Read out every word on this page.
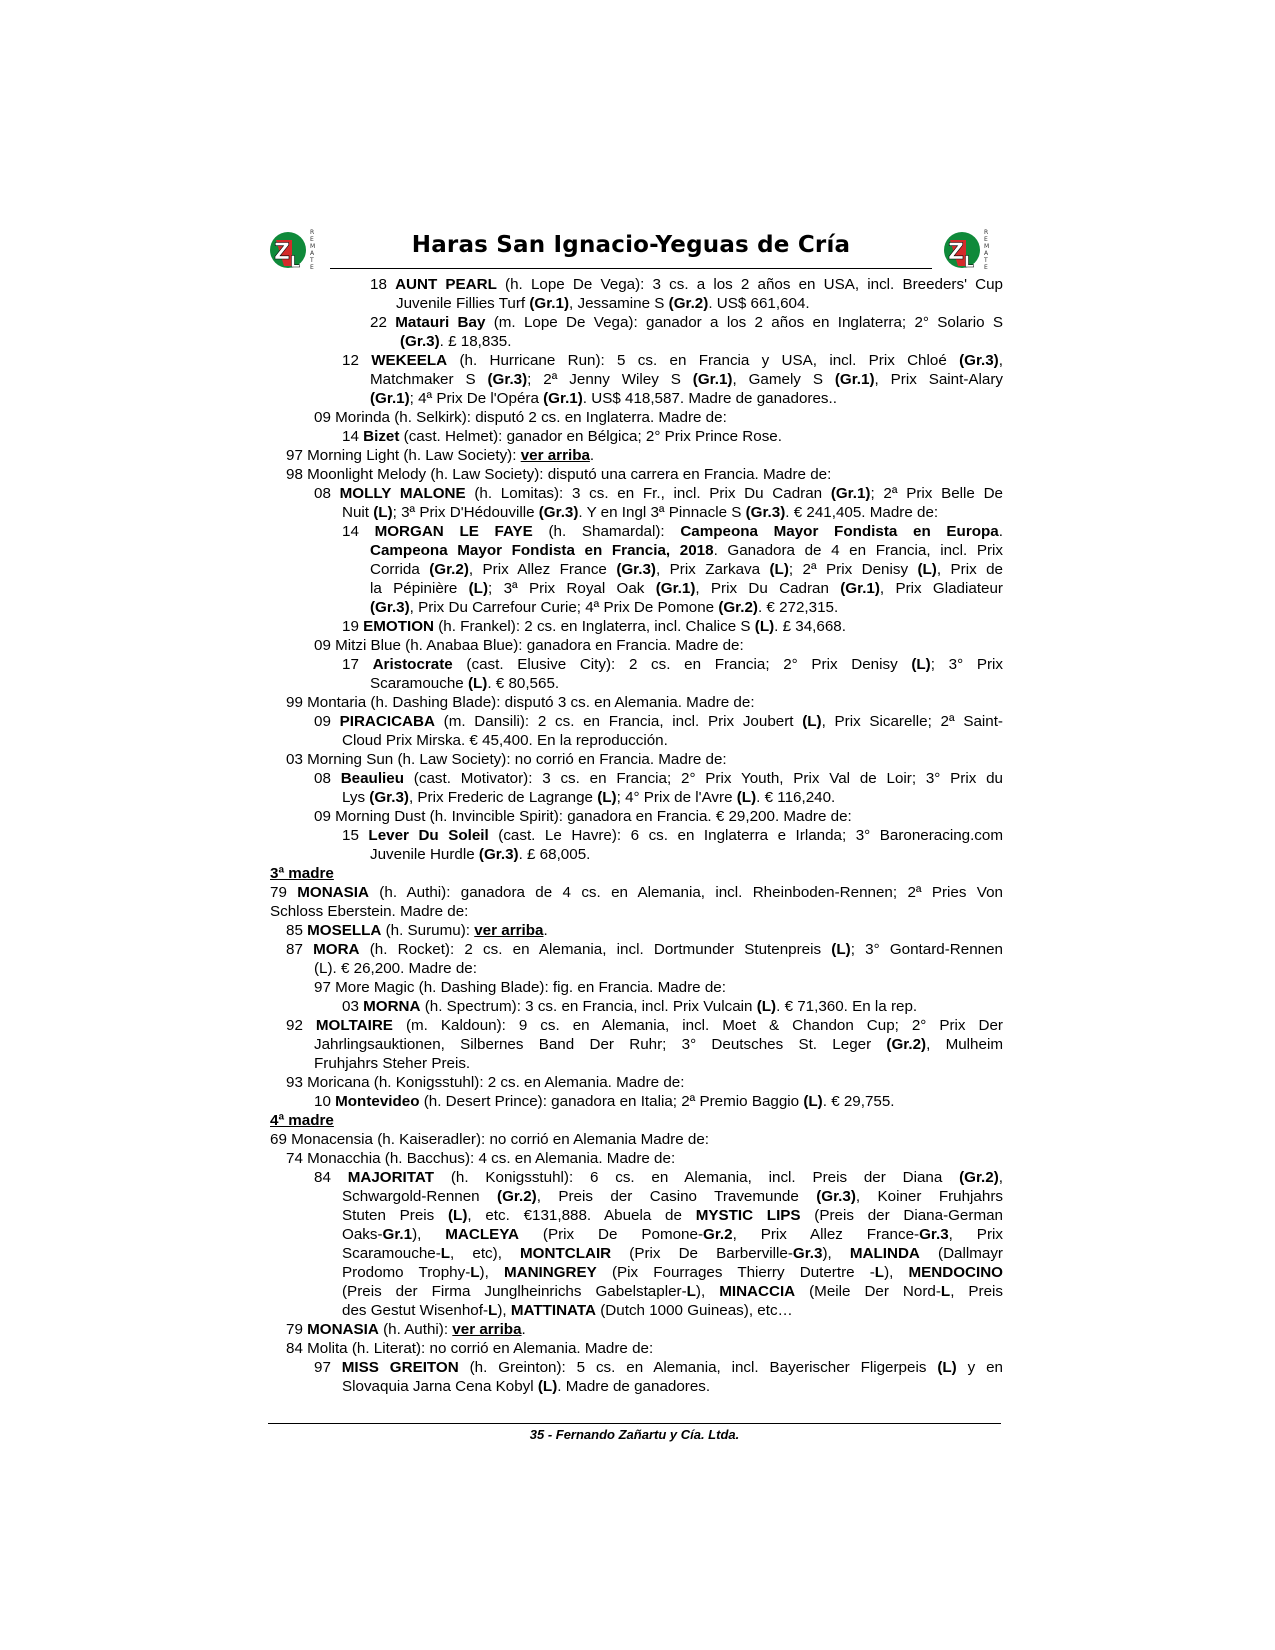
Z L
R
E
M
A
T
E
Haras San Ignacio-Yeguas de Cría	Z L
R
E
M
A
T
E
18 AUNT PEARL (h. Lope De Vega): 3 cs. a los 2 años en USA, incl. Breeders' Cup
Juvenile Fillies Turf (Gr.1), Jessamine S (Gr.2). US$ 661,604.
22 Matauri Bay (m. Lope De Vega): ganador a los 2 años en Inglaterra; 2° Solario S
(Gr.3). £ 18,835.
12 WEKEELA (h. Hurricane Run): 5 cs. en Francia y USA, incl. Prix Chloé (Gr.3),
Matchmaker S (Gr.3); 2ª Jenny Wiley S (Gr.1), Gamely S (Gr.1), Prix Saint-Alary
(Gr.1); 4ª Prix De l'Opéra (Gr.1). US$ 418,587. Madre de ganadores..
09 Morinda (h. Selkirk): disputó 2 cs. en Inglaterra. Madre de:
14 Bizet (cast. Helmet): ganador en Bélgica; 2° Prix Prince Rose.
97 Morning Light (h. Law Society): ver arriba.
98 Moonlight Melody (h. Law Society): disputó una carrera en Francia. Madre de:
08 MOLLY MALONE (h. Lomitas): 3 cs. en Fr., incl. Prix Du Cadran (Gr.1); 2ª Prix Belle De
Nuit (L); 3ª Prix D'Hédouville (Gr.3). Y en Ingl 3ª Pinnacle S (Gr.3). € 241,405. Madre de:
14 MORGAN LE FAYE (h. Shamardal): Campeona Mayor Fondista en Europa.
Campeona Mayor Fondista en Francia, 2018. Ganadora de 4 en Francia, incl. Prix
Corrida (Gr.2), Prix Allez France (Gr.3), Prix Zarkava (L); 2ª Prix Denisy (L), Prix de
la Pépinière (L); 3ª Prix Royal Oak (Gr.1), Prix Du Cadran (Gr.1), Prix Gladiateur
(Gr.3), Prix Du Carrefour Curie; 4ª Prix De Pomone (Gr.2). € 272,315.
19 EMOTION (h. Frankel): 2 cs. en Inglaterra, incl. Chalice S (L). £ 34,668.
09 Mitzi Blue (h. Anabaa Blue): ganadora en Francia. Madre de:
17 Aristocrate (cast. Elusive City): 2 cs. en Francia; 2° Prix Denisy (L); 3° Prix
Scaramouche (L). € 80,565.
99 Montaria (h. Dashing Blade): disputó 3 cs. en Alemania. Madre de:
09 PIRACICABA (m. Dansili): 2 cs. en Francia, incl. Prix Joubert (L), Prix Sicarelle; 2ª Saint-
Cloud Prix Mirska. € 45,400. En la reproducción.
03 Morning Sun (h. Law Society): no corrió en Francia. Madre de:
08 Beaulieu (cast. Motivator): 3 cs. en Francia; 2° Prix Youth, Prix Val de Loir; 3° Prix du
Lys (Gr.3), Prix Frederic de Lagrange (L); 4° Prix de l'Avre (L). € 116,240.
09 Morning Dust (h. Invincible Spirit): ganadora en Francia. € 29,200. Madre de:
15 Lever Du Soleil (cast. Le Havre): 6 cs. en Inglaterra e Irlanda; 3° Baroneracing.com
Juvenile Hurdle (Gr.3). £ 68,005.
3ª madre
79 MONASIA (h. Authi): ganadora de 4 cs. en Alemania, incl. Rheinboden-Rennen; 2ª Pries Von
Schloss Eberstein. Madre de:
85 MOSELLA (h. Surumu): ver arriba.
87 MORA (h. Rocket): 2 cs. en Alemania, incl. Dortmunder Stutenpreis (L); 3° Gontard-Rennen
(L). € 26,200. Madre de:
97 More Magic (h. Dashing Blade): fig. en Francia. Madre de:
03 MORNA (h. Spectrum): 3 cs. en Francia, incl. Prix Vulcain (L). € 71,360. En la rep.
92 MOLTAIRE (m. Kaldoun): 9 cs. en Alemania, incl. Moet & Chandon Cup; 2° Prix Der
Jahrlingsauktionen, Silbernes Band Der Ruhr; 3° Deutsches St. Leger (Gr.2), Mulheim
Fruhjahrs Steher Preis.
93 Moricana (h. Konigsstuhl): 2 cs. en Alemania. Madre de:
10 Montevideo (h. Desert Prince): ganadora en Italia; 2ª Premio Baggio (L). € 29,755.
4ª madre
69 Monacensia (h. Kaiseradler): no corrió en Alemania Madre de:
74 Monacchia (h. Bacchus): 4 cs. en Alemania. Madre de:
84 MAJORITAT (h. Konigsstuhl): 6 cs. en Alemania, incl. Preis der Diana (Gr.2),
Schwargold-Rennen (Gr.2), Preis der Casino Travemunde (Gr.3), Koiner Fruhjahrs
Stuten Preis (L), etc. €131,888. Abuela de MYSTIC LIPS (Preis der Diana-German
Oaks-Gr.1), MACLEYA (Prix De Pomone-Gr.2, Prix Allez France-Gr.3, Prix
Scaramouche-L, etc), MONTCLAIR (Prix De Barberville-Gr.3), MALINDA (Dallmayr
Prodomo Trophy-L), MANINGREY (Pix Fourrages Thierry Dutertre -L), MENDOCINO
(Preis der Firma Junglheinrichs Gabelstapler-L), MINACCIA (Meile Der Nord-L, Preis
des Gestut Wisenhof-L), MATTINATA (Dutch 1000 Guineas), etc…
79 MONASIA (h. Authi): ver arriba.
84 Molita (h. Literat): no corrió en Alemania. Madre de:
97 MISS GREITON (h. Greinton): 5 cs. en Alemania, incl. Bayerischer Fligerpeis (L) y en
Slovaquia Jarna Cena Kobyl (L). Madre de ganadores.
35 - Fernando Zañartu y Cía. Ltda.
